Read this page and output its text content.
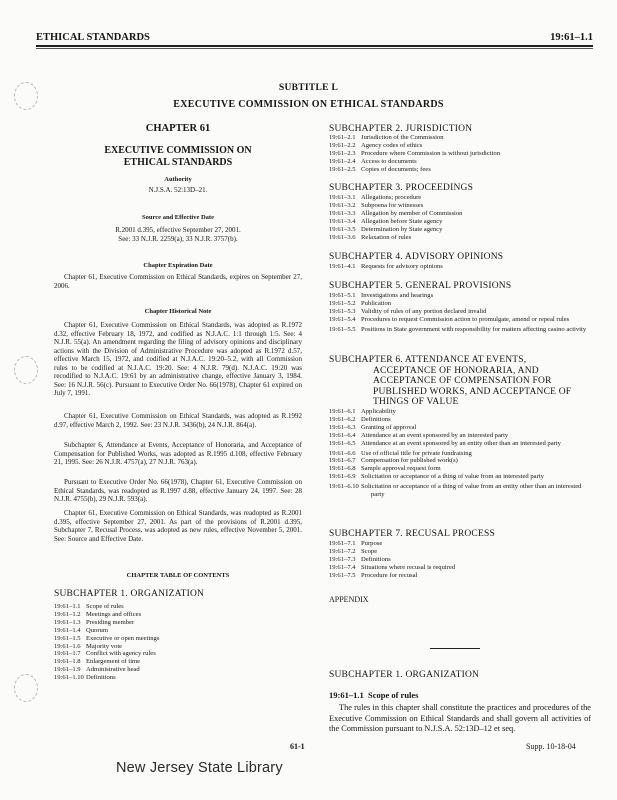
ETHICAL STANDARDS	19:61–1.1
SUBTITLE L
EXECUTIVE COMMISSION ON ETHICAL STANDARDS
CHAPTER 61
EXECUTIVE COMMISSION ON
ETHICAL STANDARDS
Authority
N.J.S.A. 52:13D–21.
Source and Effective Date
R.2001 d.395, effective September 27, 2001.
See: 33 N.J.R. 2259(a), 33 N.J.R. 3757(b).
Chapter Expiration Date

Chapter 61, Executive Commission on Ethical Standards, expires on September 27, 2006.

Chapter Historical Note

Chapter 61, Executive Commission on Ethical Standards, was adopted as R.1972 d.32, effective February 18, 1972, and codified as N.J.A.C. 1:1 through 1:5. See: 4 N.J.R. 55(a). An amendment regarding the filing of advisory opinions and disciplinary actions with the Division of Administrative Procedure was adopted as R.1972 d.57, effective March 15, 1972, and codified at N.J.A.C. 19:20–5.2, with all Commission rules to be codified at N.J.A.C. 19:20. See: 4 N.J.R. 79(d). N.J.A.C. 19:20 was recodified to N.J.A.C. 19:61 by an administrative change, effective January 3, 1984. See: 16 N.J.R. 56(c). Pursuant to Executive Order No. 66(1978), Chapter 61 expired on July 7, 1991.

Chapter 61, Executive Commission on Ethical Standards, was adopted as R.1992 d.97, effective March 2, 1992. See: 23 N.J.R. 3436(b), 24 N.J.R. 864(a).

Subchapter 6, Attendance at Events, Acceptance of Honoraria, and Acceptance of Compensation for Published Works, was adopted as R.1995 d.108, effective February 21, 1995. See: 26 N.J.R. 4757(a), 27 N.J.R. 763(a).

Pursuant to Executive Order No. 66(1978), Chapter 61, Executive Commission on Ethical Standards, was readopted as R.1997 d.88, effective January 24, 1997. See: 28 N.J.R. 4755(b), 29 N.J.R. 593(a).

Chapter 61, Executive Commission on Ethical Standards, was readopted as R.2001 d.395, effective September 27, 2001. As part of the provisions of R.2001 d.395, Subchapter 7, Recusal Process, was adopted as new rules, effective November 5, 2001. See: Source and Effective Date.

CHAPTER TABLE OF CONTENTS
SUBCHAPTER 1. ORGANIZATION
19:61–1.1 Scope of rules
19:61–1.2 Meetings and offices
19:61–1.3 Presiding member
19:61–1.4 Quorum
19:61–1.5 Executive or open meetings
19:61–1.6 Majority vote
19:61–1.7 Conflict with agency rules
19:61–1.8 Enlargement of time
19:61–1.9 Administrative head
19:61–1.10 Definitions
SUBCHAPTER 2. JURISDICTION
19:61–2.1 Jurisdiction of the Commission
19:61–2.2 Agency codes of ethics
19:61–2.3 Procedure where Commission is without jurisdiction
19:61–2.4 Access to documents
19:61–2.5 Copies of documents; fees
SUBCHAPTER 3. PROCEEDINGS
19:61–3.1 Allegations; procedure
19:61–3.2 Subpoena for witnesses
19:61–3.3 Allegation by member of Commission
19:61–3.4 Allegation before State agency
19:61–3.5 Determination by State agency
19:61–3.6 Relaxation of rules
SUBCHAPTER 4. ADVISORY OPINIONS
19:61–4.1 Requests for advisory opinions
SUBCHAPTER 5. GENERAL PROVISIONS
19:61–5.1 Investigations and hearings
19:61–5.2 Publication
19:61–5.3 Validity of rules of any portion declared invalid
19:61–5.4 Procedures to request Commission action to promulgate, amend or repeal rules
19:61–5.5 Positions in State government with responsibility for matters affecting casino activity
SUBCHAPTER 6. ATTENDANCE AT EVENTS,
ACCEPTANCE OF HONORARIA, AND
ACCEPTANCE OF COMPENSATION FOR
PUBLISHED WORKS, AND ACCEPTANCE OF
THINGS OF VALUE
19:61–6.1 Applicability
19:61–6.2 Definitions
19:61–6.3 Granting of approval
19:61–6.4 Attendance at an event sponsored by an interested party
19:61–6.5 Attendance at an event sponsored by an entity other than an interested party
19:61–6.6 Use of official title for private fundraising
19:61–6.7 Compensation for published work(s)
19:61–6.8 Sample approval request form
19:61–6.9 Solicitation or acceptance of a thing of value from an interested party
19:61–6.10 Solicitation or acceptance of a thing of value from an entity other than an interested party
SUBCHAPTER 7. RECUSAL PROCESS
19:61–7.1 Purpose
19:61–7.2 Scope
19:61–7.3 Definitions
19:61–7.4 Situations where recusal is required
19:61–7.5 Procedure for recusal
APPENDIX
SUBCHAPTER 1. ORGANIZATION
19:61–1.1 Scope of rules

The rules in this chapter shall constitute the practices and procedures of the Executive Commission on Ethical Standards and shall govern all activities of the Commission pursuant to N.J.S.A. 52:13D–12 et seq.

61-1	Supp. 10-18-04
New Jersey State Library
